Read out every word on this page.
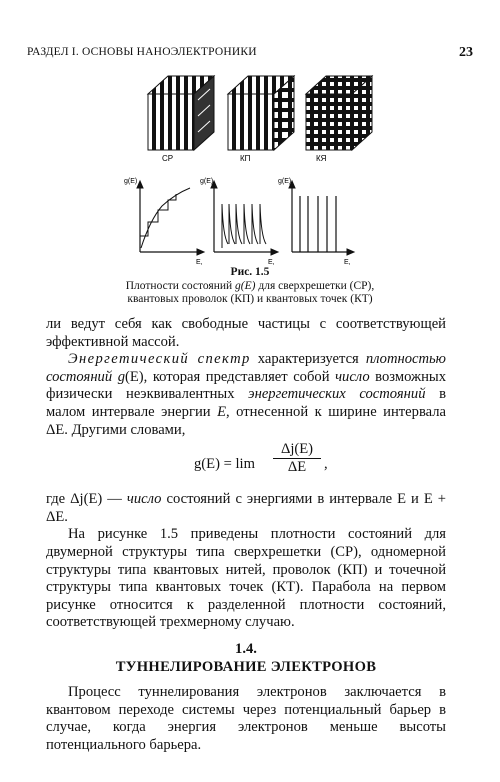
РАЗДЕЛ I. ОСНОВЫ НАНОЭЛЕКТРОНИКИ	23
СР	КП	КЯ
g(E)
E,
g(E)
E,
g(E)
E,
Рис. 1.5
Плотности состояний g(E) для сверхрешетки (СР),
квантовых проволок (КП) и квантовых точек (КТ)

ли ведут себя как свободные частицы с соответствующей эффективной массой.

Энергетический спектр характеризуется плотностью состояний g(E), которая представляет собой число возможных физически неэквивалентных энергетических состояний в малом интервале энергии E, отнесенной к ширине интервала ΔE. Другими словами,

g(E) = lim
Δj(E)
ΔE	,

где Δj(E) — число состояний с энергиями в интервале E и E + ΔE.

На рисунке 1.5 приведены плотности состояний для двумерной структуры типа сверхрешетки (СР), одномерной структуры типа квантовых нитей, проволок (КП) и точечной структуры типа квантовых точек (КТ). Парабола на первом рисунке относится к разделенной плотности состояний, соответствующей трехмерному случаю.

1.4.
ТУННЕЛИРОВАНИЕ ЭЛЕКТРОНОВ

Процесс туннелирования электронов заключается в квантовом переходе системы через потенциальный барьер в случае, когда энергия электронов меньше высоты потенциального барьера.
